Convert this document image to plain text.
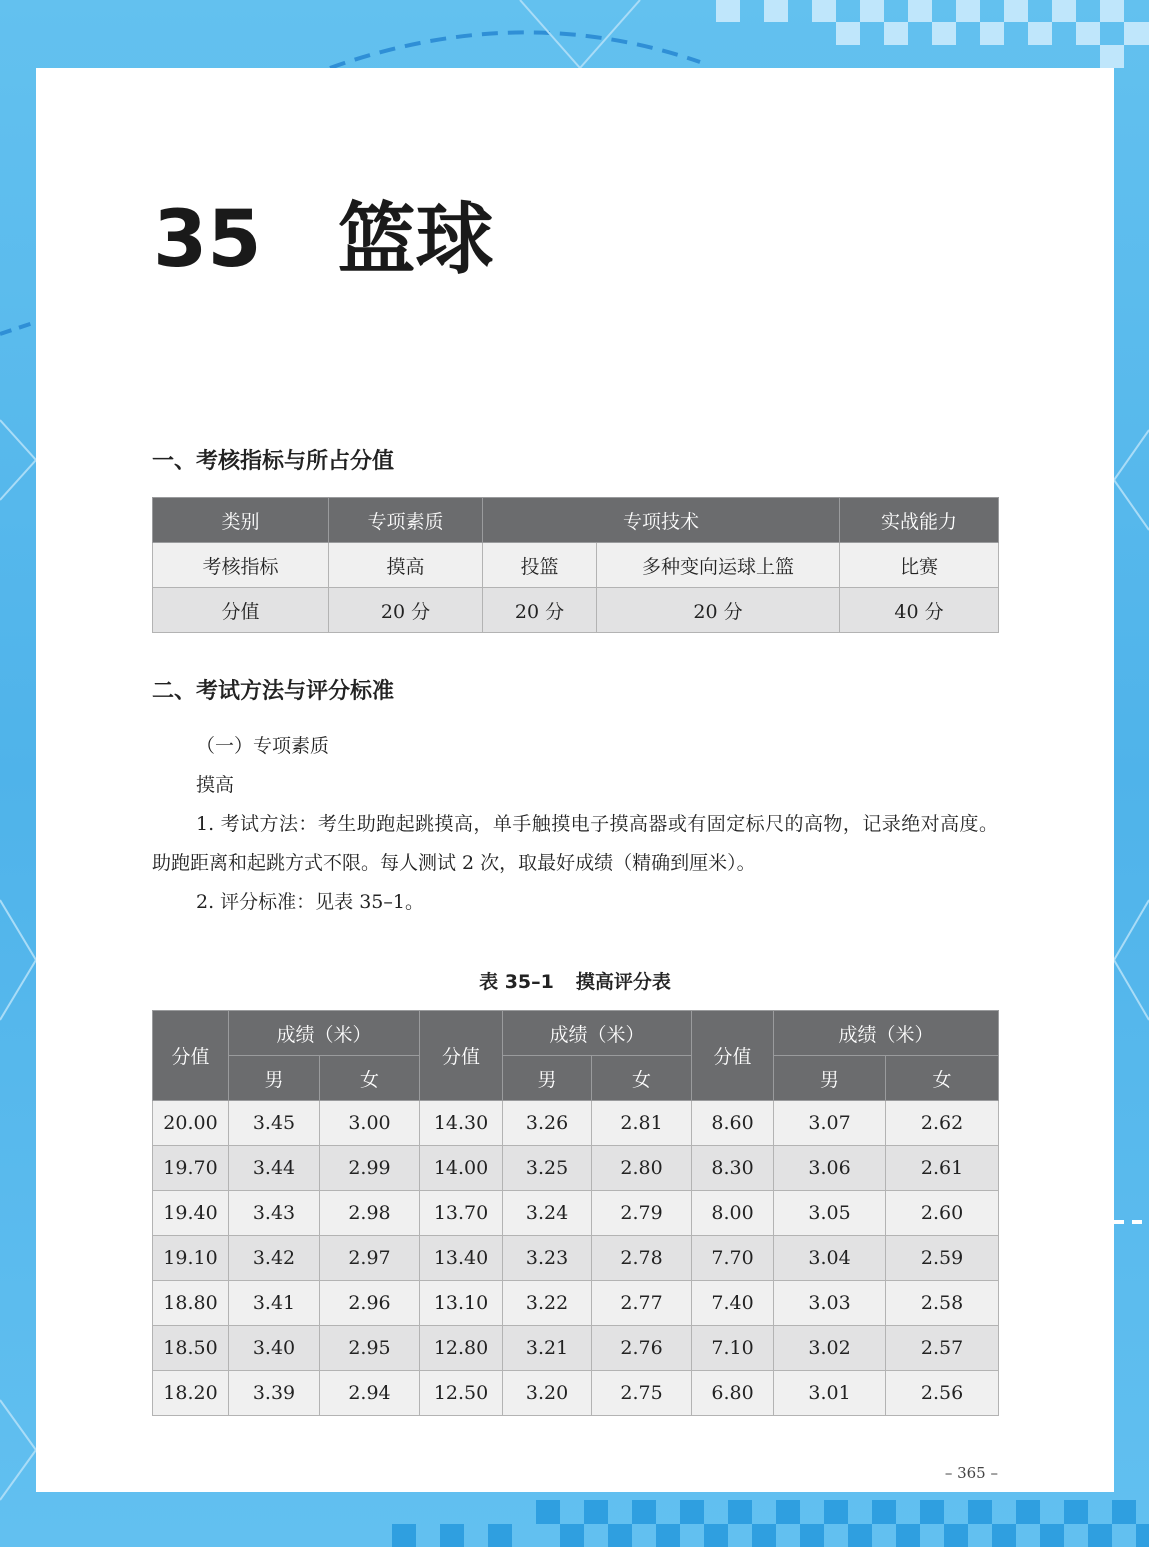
35 篮球
一、考核指标与所占分值
类别	专项素质	专项技术		实战能力
考核指标	摸高	投篮	多种变向运球上篮	比赛
分值	20 分	20 分	20 分	40 分
二、考试方法与评分标准

（一）专项素质

摸高

1. 考试方法：考生助跑起跳摸高，单手触摸电子摸高器或有固定标尺的高物，记录绝对高度。助跑距离和起跳方式不限。每人测试 2 次，取最好成绩（精确到厘米）。

2. 评分标准：见表 35–1。

表 35–1 摸高评分表

分值	成绩（米）		分值	成绩（米）		分值	成绩（米）	
	男	女		男	女		男	女
20.00	3.45	3.00	14.30	3.26	2.81	8.60	3.07	2.62
19.70	3.44	2.99	14.00	3.25	2.80	8.30	3.06	2.61
19.40	3.43	2.98	13.70	3.24	2.79	8.00	3.05	2.60
19.10	3.42	2.97	13.40	3.23	2.78	7.70	3.04	2.59
18.80	3.41	2.96	13.10	3.22	2.77	7.40	3.03	2.58
18.50	3.40	2.95	12.80	3.21	2.76	7.10	3.02	2.57
18.20	3.39	2.94	12.50	3.20	2.75	6.80	3.01	2.56

– 365 –
